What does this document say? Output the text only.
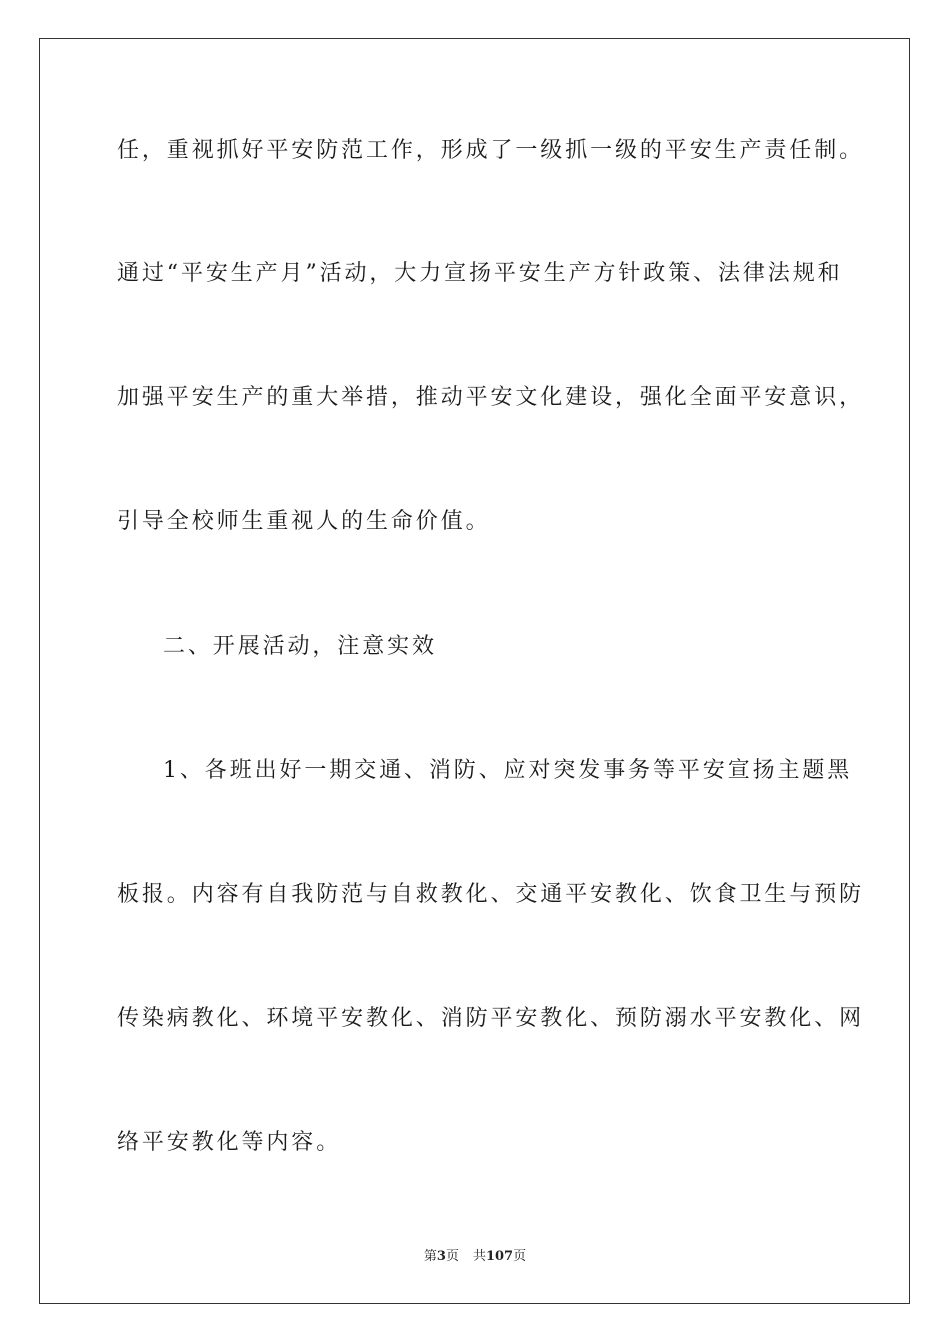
任，重视抓好平安防范工作，形成了一级抓一级的平安生产责任制。
通过“平安生产月”活动，大力宣扬平安生产方针政策、法律法规和
加强平安生产的重大举措，推动平安文化建设，强化全面平安意识，
引导全校师生重视人的生命价值。
二、开展活动，注意实效
1、各班出好一期交通、消防、应对突发事务等平安宣扬主题黑
板报。内容有自我防范与自救教化、交通平安教化、饮食卫生与预防
传染病教化、环境平安教化、消防平安教化、预防溺水平安教化、网
络平安教化等内容。
第3页 共107页
